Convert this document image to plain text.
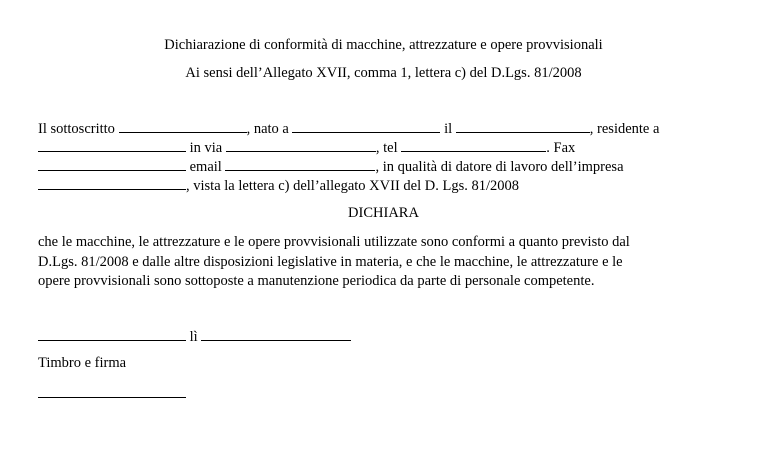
Dichiarazione di conformità di macchine, attrezzature e opere provvisionali
Ai sensi dell’Allegato XVII, comma 1, lettera c) del D.Lgs. 81/2008
Il sottoscritto	, nato a	il	, residente a
in via	, tel	. Fax
email	, in qualità di datore di lavoro dell’impresa
, vista la lettera c) dell’allegato XVII del D. Lgs. 81/2008
DICHIARA
che le macchine, le attrezzature e le opere provvisionali utilizzate sono conformi a quanto previsto dal
D.Lgs. 81/2008 e dalle altre disposizioni legislative in materia, e che le macchine, le attrezzature e le
opere provvisionali sono sottoposte a manutenzione periodica da parte di personale competente.
lì
Timbro e firma
